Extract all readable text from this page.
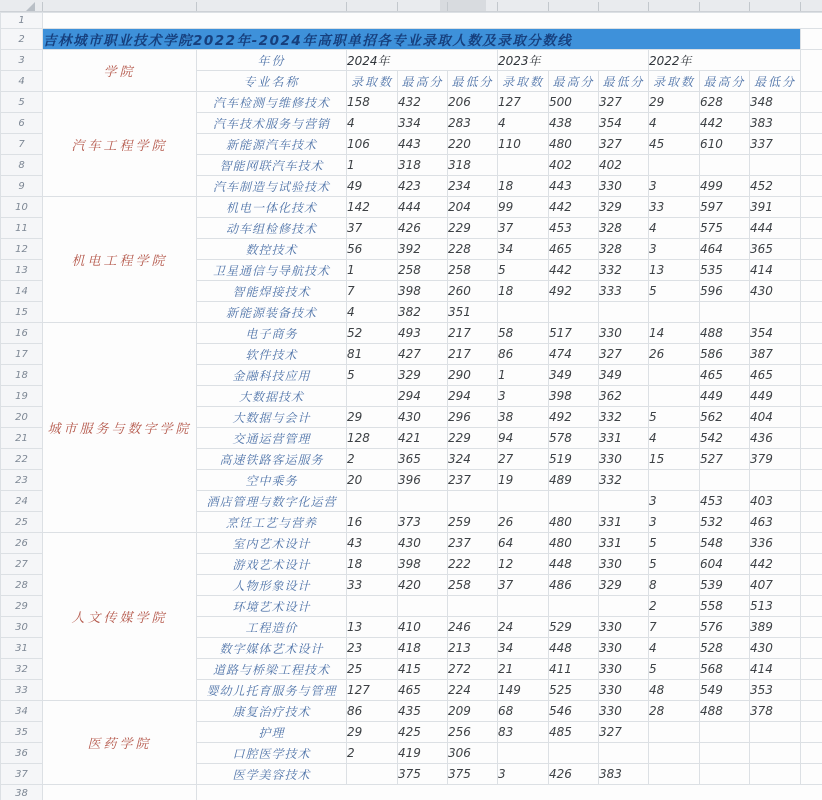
1												
2	吉林城市职业技术学院2022年-2024年高职单招各专业录取人数及录取分数线											
3	学院	年份	2024年			2023年			2022年			
4		专业名称	录取数	最高分	最低分	录取数	最高分	最低分	录取数	最高分	最低分	
5	汽车工程学院	汽车检测与维修技术	158	432	206	127	500	327	29	628	348	
6		汽车技术服务与营销	4	334	283	4	438	354	4	442	383	
7		新能源汽车技术	106	443	220	110	480	327	45	610	337	
8		智能网联汽车技术	1	318	318		402	402				
9		汽车制造与试验技术	49	423	234	18	443	330	3	499	452	
10	机电工程学院	机电一体化技术	142	444	204	99	442	329	33	597	391	
11		动车组检修技术	37	426	229	37	453	328	4	575	444	
12		数控技术	56	392	228	34	465	328	3	464	365	
13		卫星通信与导航技术	1	258	258	5	442	332	13	535	414	
14		智能焊接技术	7	398	260	18	492	333	5	596	430	
15		新能源装备技术	4	382	351							
16	城市服务与数字学院	电子商务	52	493	217	58	517	330	14	488	354	
17		软件技术	81	427	217	86	474	327	26	586	387	
18		金融科技应用	5	329	290	1	349	349		465	465	
19		大数据技术		294	294	3	398	362		449	449	
20		大数据与会计	29	430	296	38	492	332	5	562	404	
21		交通运营管理	128	421	229	94	578	331	4	542	436	
22		高速铁路客运服务	2	365	324	27	519	330	15	527	379	
23		空中乘务	20	396	237	19	489	332				
24		酒店管理与数字化运营							3	453	403	
25		烹饪工艺与营养	16	373	259	26	480	331	3	532	463	
26	人文传媒学院	室内艺术设计	43	430	237	64	480	331	5	548	336	
27		游戏艺术设计	18	398	222	12	448	330	5	604	442	
28		人物形象设计	33	420	258	37	486	329	8	539	407	
29		环境艺术设计							2	558	513	
30		工程造价	13	410	246	24	529	330	7	576	389	
31		数字媒体艺术设计	23	418	213	34	448	330	4	528	430	
32		道路与桥梁工程技术	25	415	272	21	411	330	5	568	414	
33		婴幼儿托育服务与管理	127	465	224	149	525	330	48	549	353	
34	医药学院	康复治疗技术	86	435	209	68	546	330	28	488	378	
35		护理	29	425	256	83	485	327				
36		口腔医学技术	2	419	306							
37		医学美容技术		375	375	3	426	383				
38												
